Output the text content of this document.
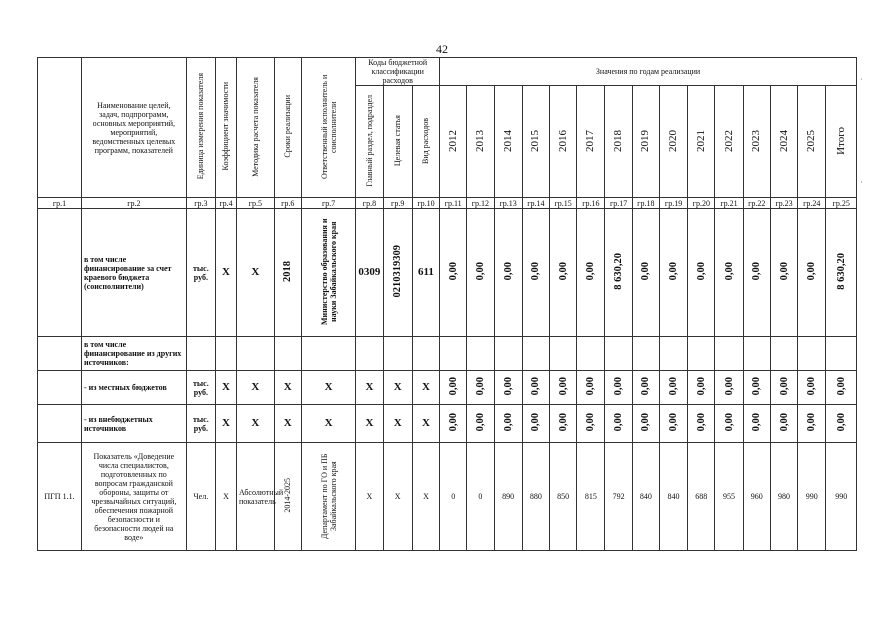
42
·
·
	Наименование целей, задач, подпрограмм, основных мероприятий, мероприятий, ведомственных целевых программ, показателей	Единица измерения показателя	Коэффициент значимости	Методика расчета показателя	Сроки реализации	Ответственный исполнитель и соисполнители	Коды бюджетной классификации расходов			Значения по годам реализации														
							Главный раздел, подраздел	Целевая статья	Вид расходов	2012	2013	2014	2015	2016	2017	2018	2019	2020	2021	2022	2023	2024	2025	Итого
гр.1	гр.2	гр.3	гр.4	гр.5	гр.6	гр.7	гр.8	гр.9	гр.10	гр.11	гр.12	гр.13	гр.14	гр.15	гр.16	гр.17	гр.18	гр.19	гр.20	гр.21	гр.22	гр.23	гр.24	гр.25
	в том числе финансирование за счет краевого бюджета (соисполнители)	тыс. руб.	X	X	2018	Министерство образования и науки Забайкальского края	0309	0210319309	611	0,00	0,00	0,00	0,00	0,00	0,00	8 630,20	0,00	0,00	0,00	0,00	0,00	0,00	0,00	8 630,20
	в том числе финансирование из других источников:																							
	- из местных бюджетов	тыс. руб.	X	X	X	X	X	X	X	0,00	0,00	0,00	0,00	0,00	0,00	0,00	0,00	0,00	0,00	0,00	0,00	0,00	0,00	0,00
	- из внебюджетных источников	тыс. руб.	X	X	X	X	X	X	X	0,00	0,00	0,00	0,00	0,00	0,00	0,00	0,00	0,00	0,00	0,00	0,00	0,00	0,00	0,00
ПГП 1.1.	Показатель «Доведение числа специалистов, подготовленных по вопросам гражданской обороны, защиты от чрезвычайных ситуаций, обеспечения пожарной безопасности и безопасности людей на воде»	Чел.	X	Абсолютный показатель	2014-2025	Департамент по ГО и ПБ Забайкальского края	X	X	X	0	0	890	880	850	815	792	840	840	688	955	960	980	990	990
